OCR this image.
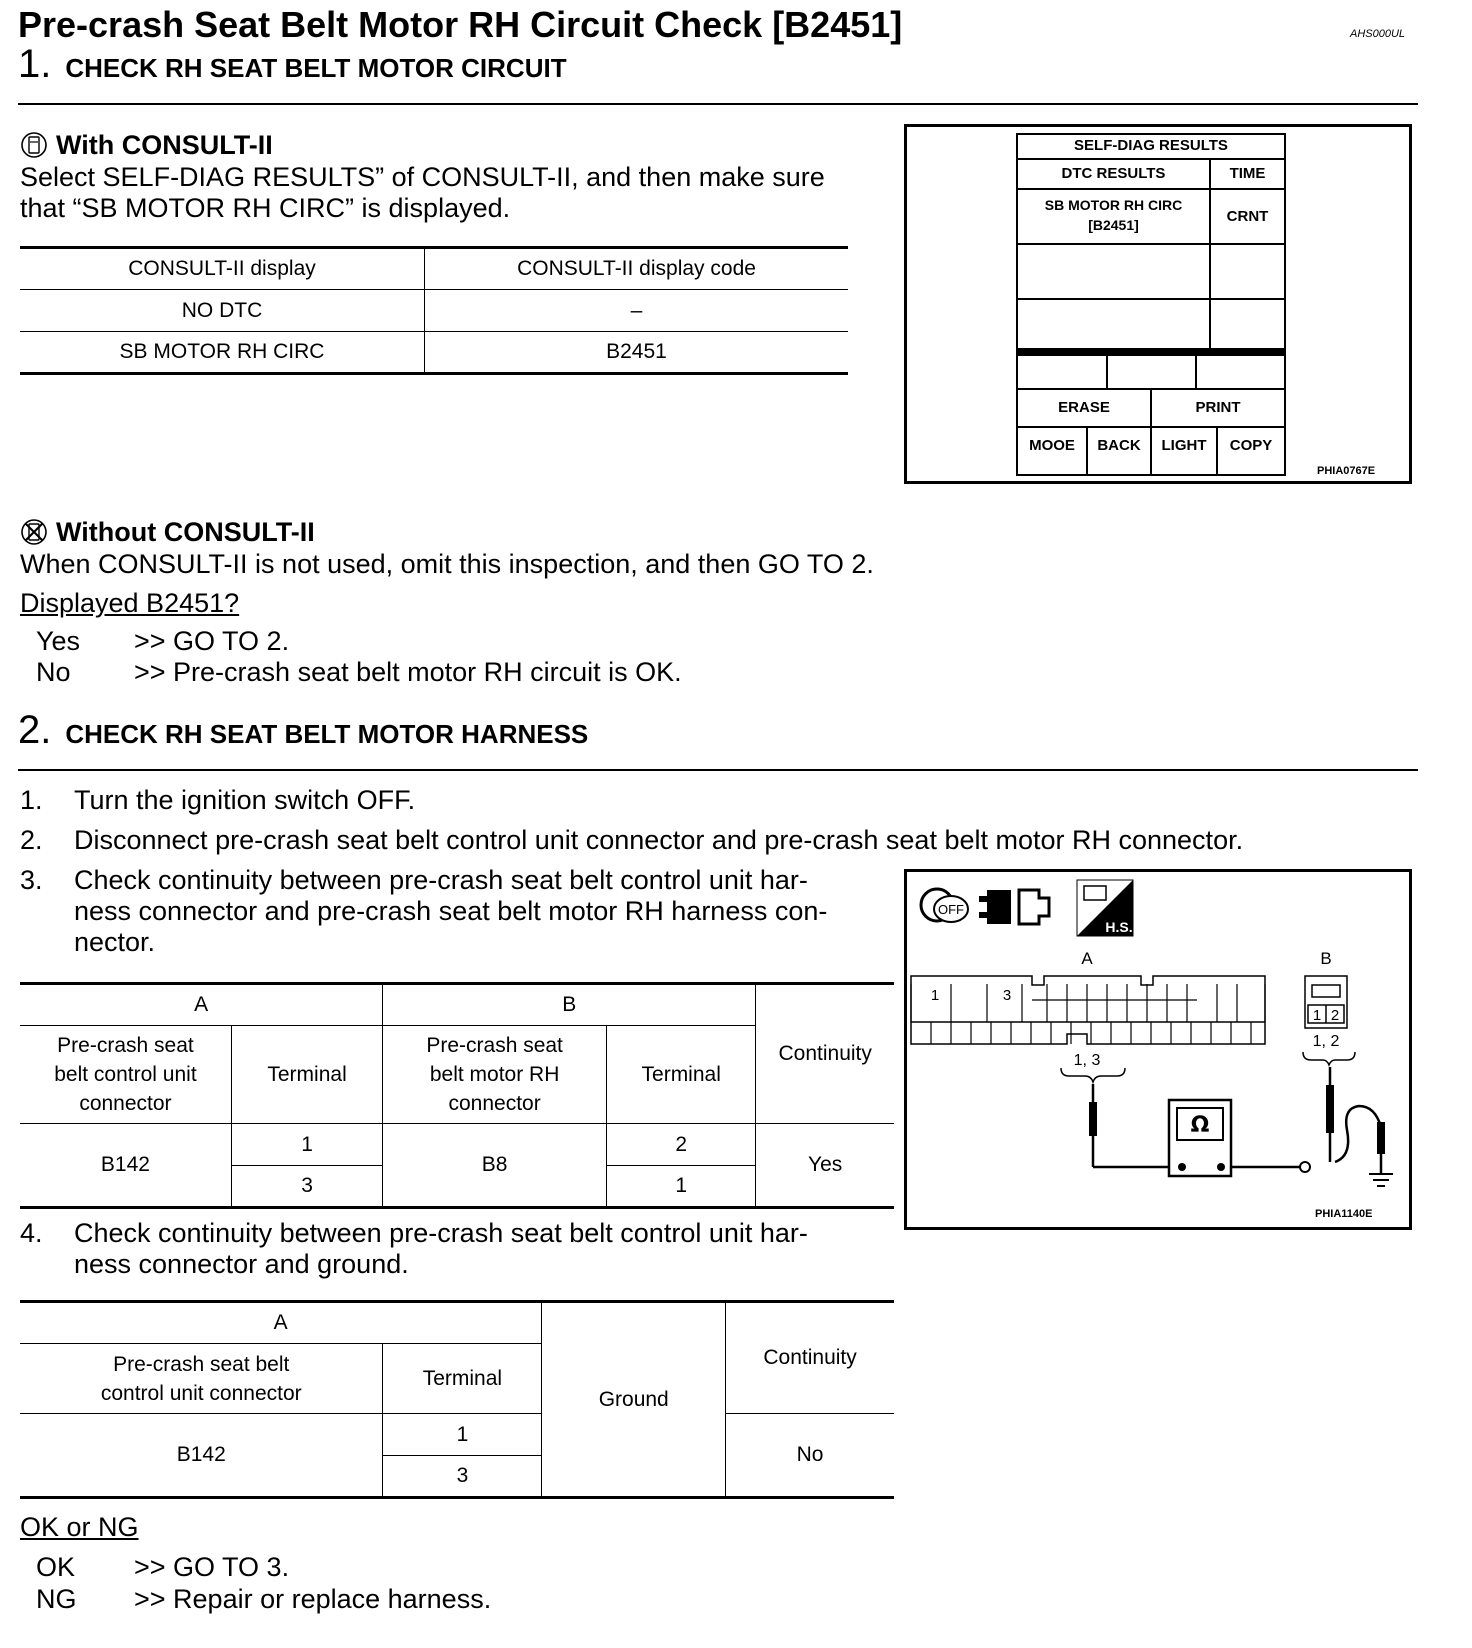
Pre-crash Seat Belt Motor RH Circuit Check [B2451]	AHS000UL
1. CHECK RH SEAT BELT MOTOR CIRCUIT
With CONSULT-II
Select SELF-DIAG RESULTS” of CONSULT-II, and then make sure
that “SB MOTOR RH CIRC” is displayed.
CONSULT-II display	CONSULT-II display code
NO DTC	–
SB MOTOR RH CIRC	B2451
SELF-DIAG RESULTS
DTC RESULTS	TIME
SB MOTOR RH CIRC
[B2451]	CRNT
ERASE	PRINT
MOOE	BACK	LIGHT	COPY
PHIA0767E
Without CONSULT-II
When CONSULT-II is not used, omit this inspection, and then GO TO 2.
Displayed B2451?
Yes >> GO TO 2.
No >> Pre-crash seat belt motor RH circuit is OK.
2. CHECK RH SEAT BELT MOTOR HARNESS
1. Turn the ignition switch OFF.
2. Disconnect pre-crash seat belt control unit connector and pre-crash seat belt motor RH connector.
3. Check continuity between pre-crash seat belt control unit har-
ness connector and pre-crash seat belt motor RH harness con-
nector.
A		B		Continuity
Pre-crash seat
belt control unit
connector	Terminal	Pre-crash seat
belt motor RH
connector	Terminal	
B142	1	B8	2	Yes
	3		1	
OFF
H.S.
Ω
A	B
1	3
1 2
1, 3
1, 2
PHIA1140E
4. Check continuity between pre-crash seat belt control unit har-
ness connector and ground.
A		Ground	Continuity
Pre-crash seat belt
control unit connector	Terminal		
B142	1		No
	3		
OK or NG
OK >> GO TO 3.
NG >> Repair or replace harness.
